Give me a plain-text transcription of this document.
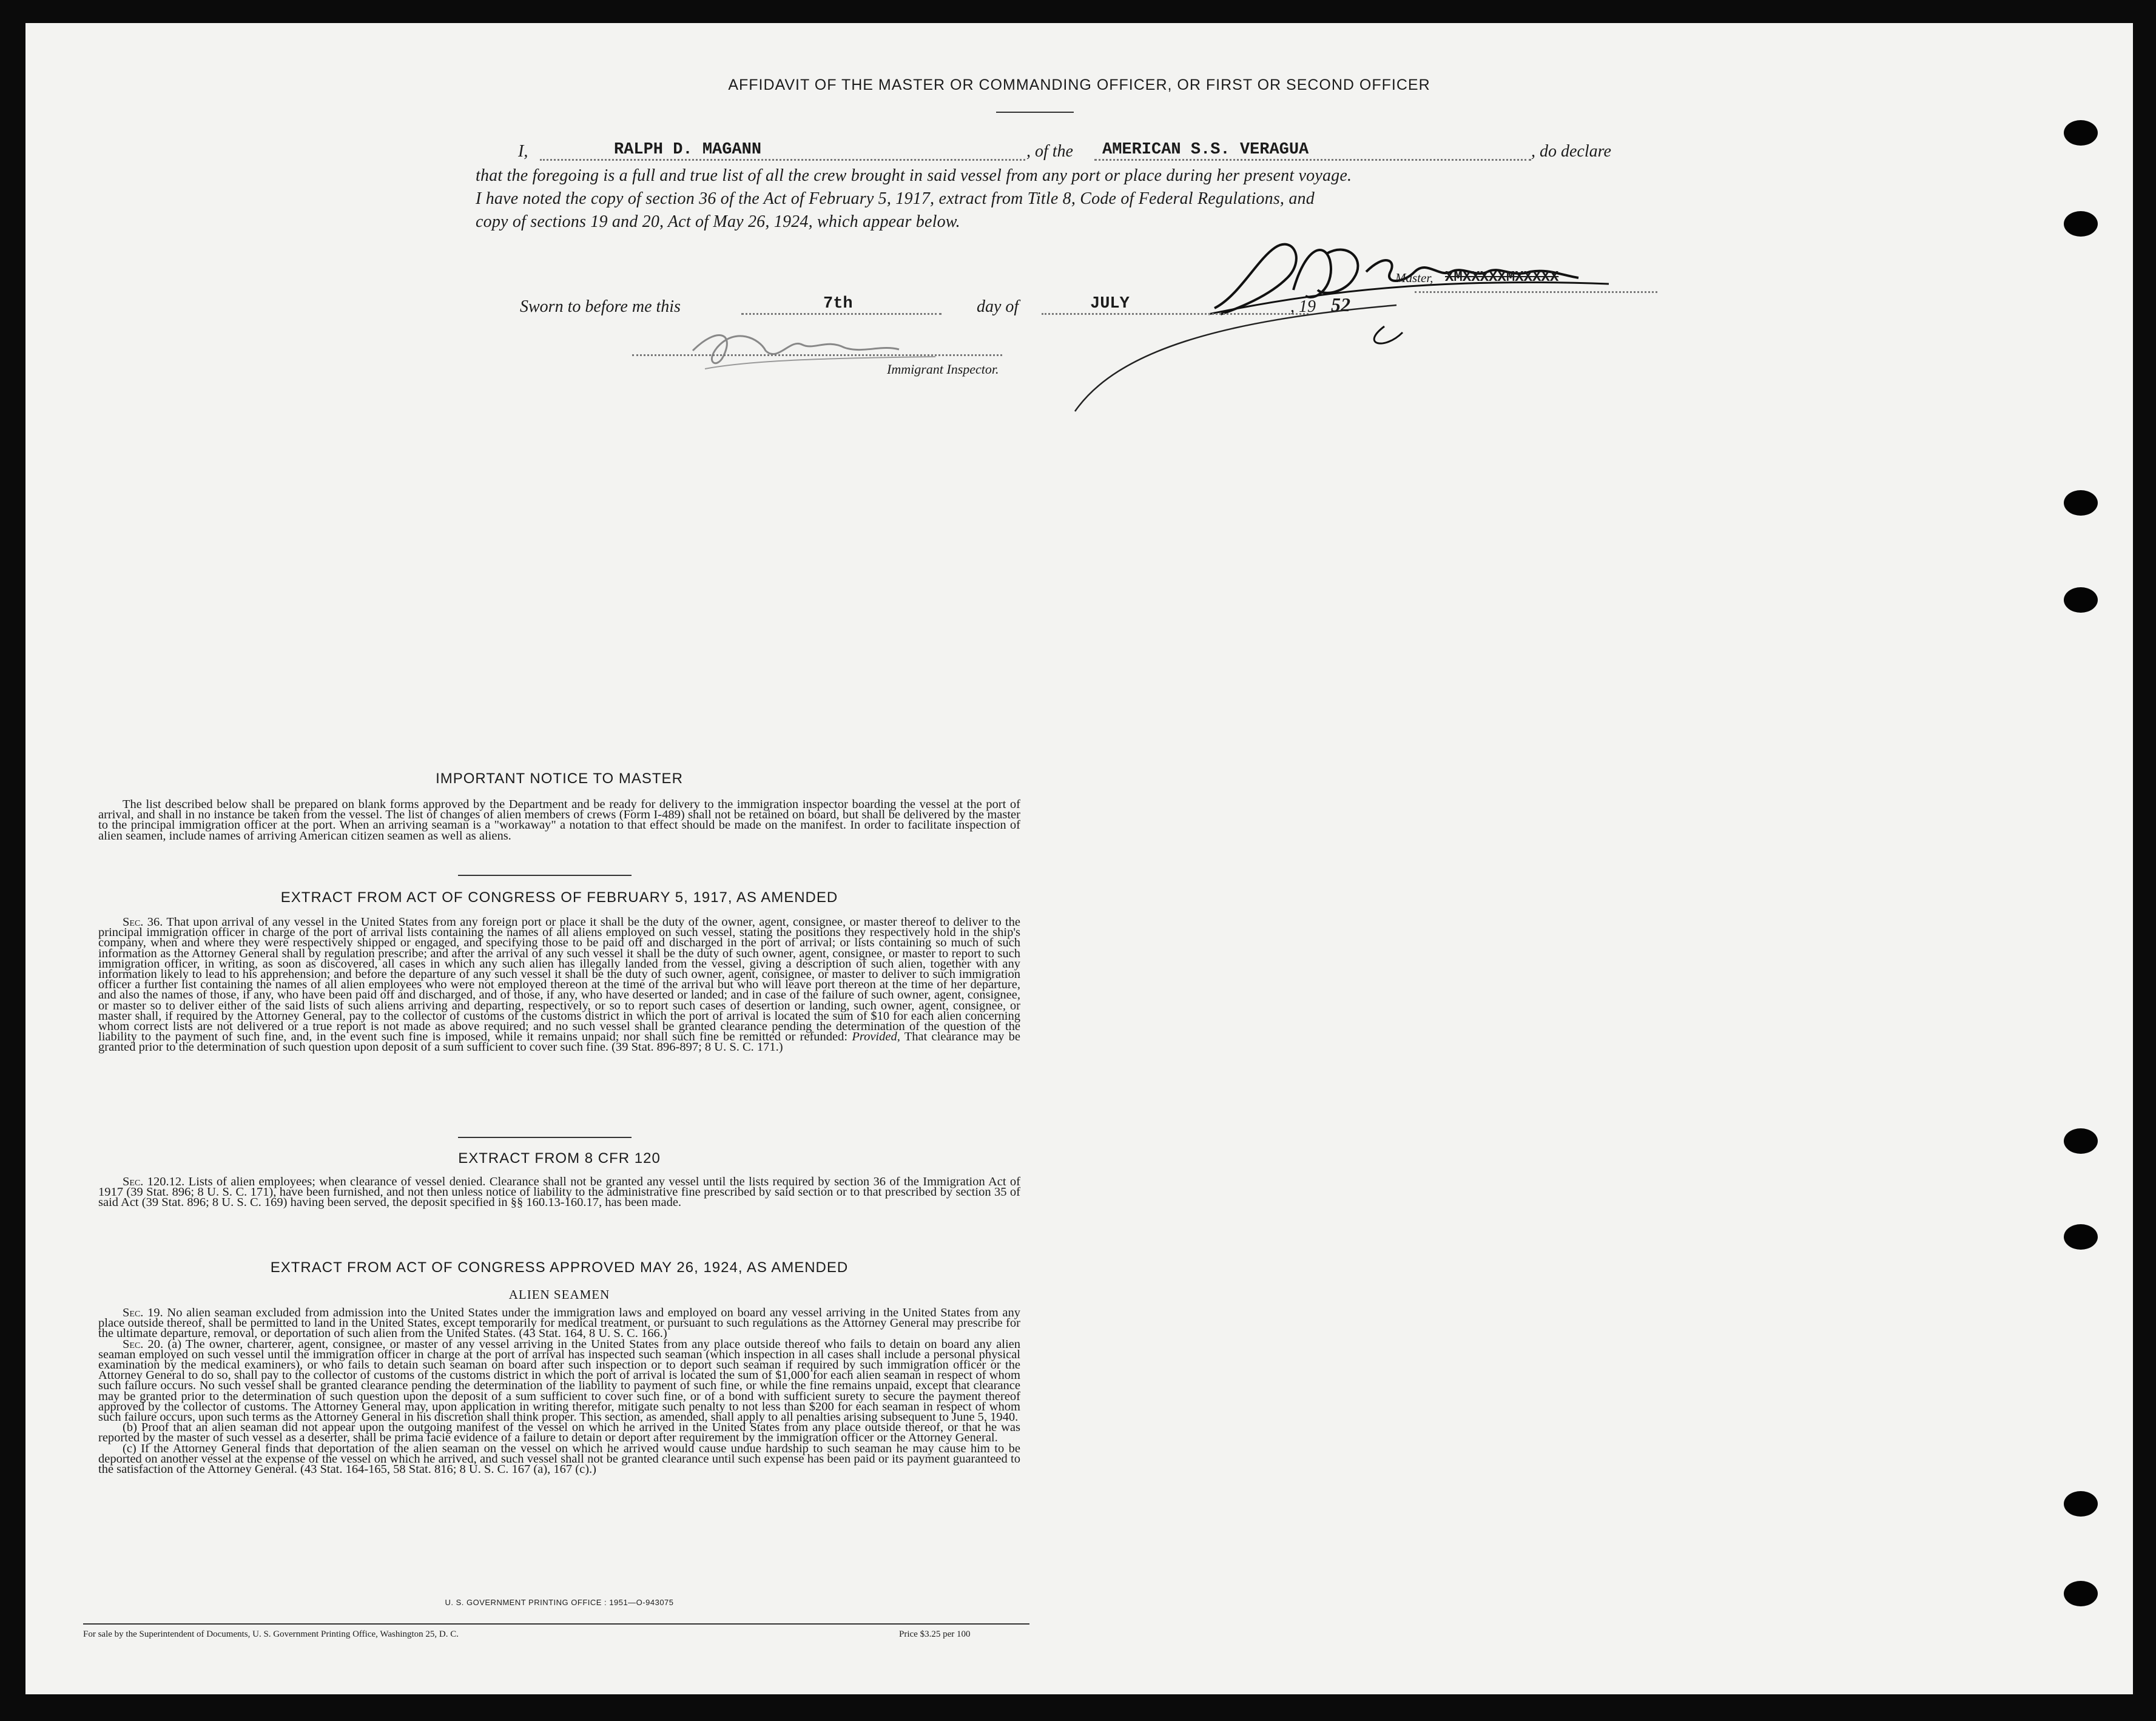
AFFIDAVIT OF THE MASTER OR COMMANDING OFFICER, OR FIRST OR SECOND OFFICER
I,	RALPH D. MAGANN	, of the AMERICAN S.S. VERAGUA	, do declare
that the foregoing is a full and true list of all the crew brought in said vessel from any port or place during her present voyage.
I have noted the copy of section 36 of the Act of February 5, 1917, extract from Title 8, Code of Federal Regulations, and
copy of sections 19 and 20, Act of May 26, 1924, which appear below.
Master, XMXXXXXMXXXXX
Sworn to before me this	7th	day of	JULY	, 19 52
Immigrant Inspector.
IMPORTANT NOTICE TO MASTER

The list described below shall be prepared on blank forms approved by the Department and be ready for delivery to the immigration inspector boarding the vessel at the port of arrival, and shall in no instance be taken from the vessel. The list of changes of alien members of crews (Form I-489) shall not be retained on board, but shall be delivered by the master to the principal immigration officer at the port. When an arriving seaman is a "workaway" a notation to that effect should be made on the manifest. In order to facilitate inspection of alien seamen, include names of arriving American citizen seamen as well as aliens.

EXTRACT FROM ACT OF CONGRESS OF FEBRUARY 5, 1917, AS AMENDED

Sec. 36. That upon arrival of any vessel in the United States from any foreign port or place it shall be the duty of the owner, agent, consignee, or master thereof to deliver to the principal immigration officer in charge of the port of arrival lists containing the names of all aliens employed on such vessel, stating the positions they respectively hold in the ship's company, when and where they were respectively shipped or engaged, and specifying those to be paid off and discharged in the port of arrival; or lists containing so much of such information as the Attorney General shall by regulation prescribe; and after the arrival of any such vessel it shall be the duty of such owner, agent, consignee, or master to report to such immigration officer, in writing, as soon as discovered, all cases in which any such alien has illegally landed from the vessel, giving a description of such alien, together with any information likely to lead to his apprehension; and before the departure of any such vessel it shall be the duty of such owner, agent, consignee, or master to deliver to such immigration officer a further list containing the names of all alien employees who were not employed thereon at the time of the arrival but who will leave port thereon at the time of her departure, and also the names of those, if any, who have been paid off and discharged, and of those, if any, who have deserted or landed; and in case of the failure of such owner, agent, consignee, or master so to deliver either of the said lists of such aliens arriving and departing, respectively, or so to report such cases of desertion or landing, such owner, agent, consignee, or master shall, if required by the Attorney General, pay to the collector of customs of the customs district in which the port of arrival is located the sum of $10 for each alien concerning whom correct lists are not delivered or a true report is not made as above required; and no such vessel shall be granted clearance pending the determination of the question of the liability to the payment of such fine, and, in the event such fine is imposed, while it remains unpaid; nor shall such fine be remitted or refunded: Provided, That clearance may be granted prior to the determination of such question upon deposit of a sum sufficient to cover such fine. (39 Stat. 896-897; 8 U. S. C. 171.)

EXTRACT FROM 8 CFR 120

Sec. 120.12. Lists of alien employees; when clearance of vessel denied. Clearance shall not be granted any vessel until the lists required by section 36 of the Immigration Act of 1917 (39 Stat. 896; 8 U. S. C. 171), have been furnished, and not then unless notice of liability to the administrative fine prescribed by said section or to that prescribed by section 35 of said Act (39 Stat. 896; 8 U. S. C. 169) having been served, the deposit specified in §§ 160.13-160.17, has been made.

EXTRACT FROM ACT OF CONGRESS APPROVED MAY 26, 1924, AS AMENDED
ALIEN SEAMEN

Sec. 19. No alien seaman excluded from admission into the United States under the immigration laws and employed on board any vessel arriving in the United States from any place outside thereof, shall be permitted to land in the United States, except temporarily for medical treatment, or pursuant to such regulations as the Attorney General may prescribe for the ultimate departure, removal, or deportation of such alien from the United States. (43 Stat. 164, 8 U. S. C. 166.)

Sec. 20. (a) The owner, charterer, agent, consignee, or master of any vessel arriving in the United States from any place outside thereof who fails to detain on board any alien seaman employed on such vessel until the immigration officer in charge at the port of arrival has inspected such seaman (which inspection in all cases shall include a personal physical examination by the medical examiners), or who fails to detain such seaman on board after such inspection or to deport such seaman if required by such immigration officer or the Attorney General to do so, shall pay to the collector of customs of the customs district in which the port of arrival is located the sum of $1,000 for each alien seaman in respect of whom such failure occurs. No such vessel shall be granted clearance pending the determination of the liability to payment of such fine, or while the fine remains unpaid, except that clearance may be granted prior to the determination of such question upon the deposit of a sum sufficient to cover such fine, or of a bond with sufficient surety to secure the payment thereof approved by the collector of customs. The Attorney General may, upon application in writing therefor, mitigate such penalty to not less than $200 for each seaman in respect of whom such failure occurs, upon such terms as the Attorney General in his discretion shall think proper. This section, as amended, shall apply to all penalties arising subsequent to June 5, 1940.

(b) Proof that an alien seaman did not appear upon the outgoing manifest of the vessel on which he arrived in the United States from any place outside thereof, or that he was reported by the master of such vessel as a deserter, shall be prima facie evidence of a failure to detain or deport after requirement by the immigration officer or the Attorney General.

(c) If the Attorney General finds that deportation of the alien seaman on the vessel on which he arrived would cause undue hardship to such seaman he may cause him to be deported on another vessel at the expense of the vessel on which he arrived, and such vessel shall not be granted clearance until such expense has been paid or its payment guaranteed to the satisfaction of the Attorney General. (43 Stat. 164-165, 58 Stat. 816; 8 U. S. C. 167 (a), 167 (c).)

U. S. GOVERNMENT PRINTING OFFICE : 1951—O-943075
For sale by the Superintendent of Documents, U. S. Government Printing Office, Washington 25, D. C.	Price $3.25 per 100
